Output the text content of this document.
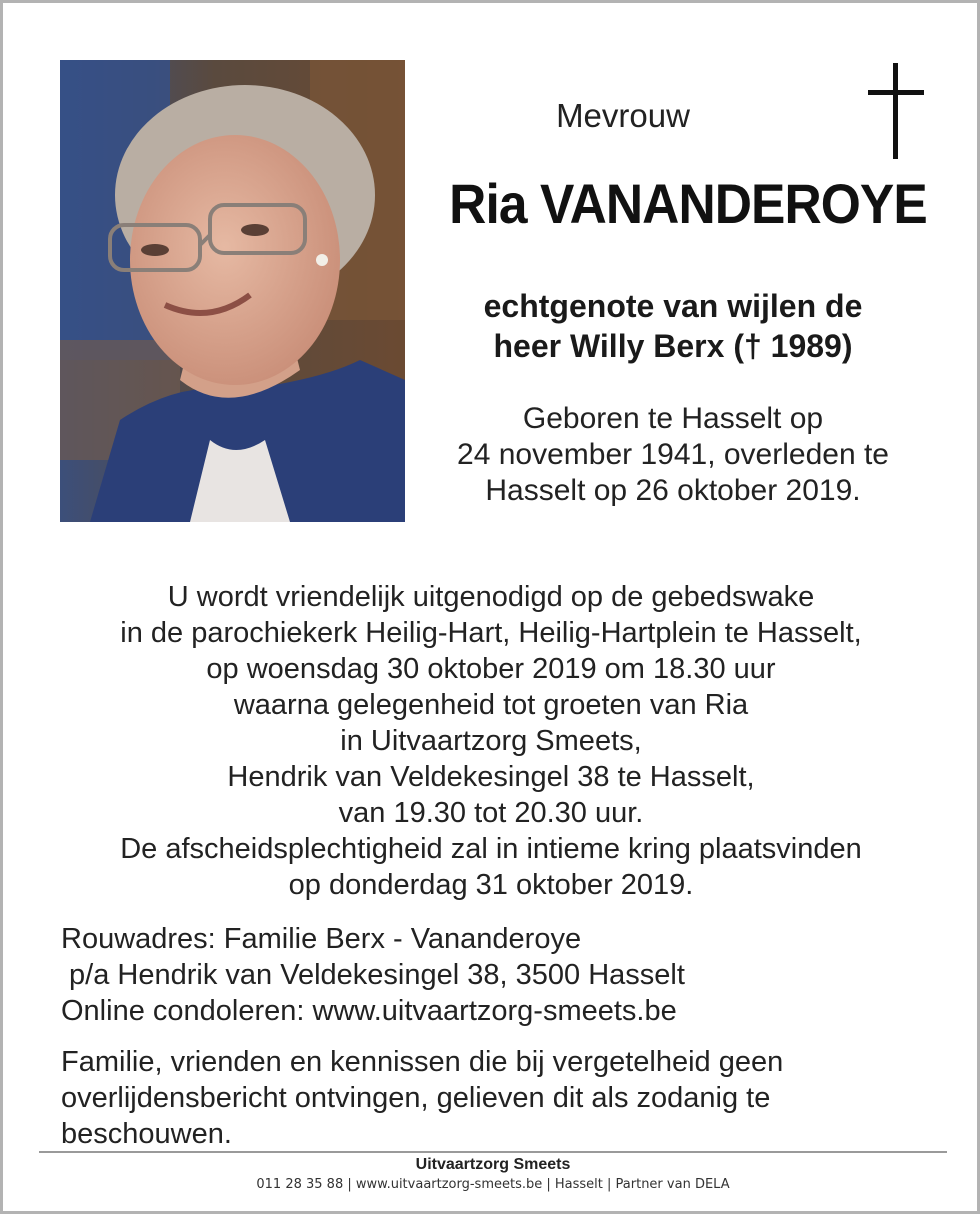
Mevrouw
Ria VANANDEROYE
echtgenote van wijlen de
heer Willy Berx († 1989)
Geboren te Hasselt op
24 november 1941, overleden te
Hasselt op 26 oktober 2019.
U wordt vriendelijk uitgenodigd op de gebedswake
in de parochiekerk Heilig-Hart, Heilig-Hartplein te Hasselt,
op woensdag 30 oktober 2019 om 18.30 uur
waarna gelegenheid tot groeten van Ria
in Uitvaartzorg Smeets,
Hendrik van Veldekesingel 38 te Hasselt,
van 19.30 tot 20.30 uur.
De afscheidsplechtigheid zal in intieme kring plaatsvinden
op donderdag 31 oktober 2019.
Rouwadres: Familie Berx - Vananderoye
p/a Hendrik van Veldekesingel 38, 3500 Hasselt
Online condoleren: www.uitvaartzorg-smeets.be
Familie, vrienden en kennissen die bij vergetelheid geen overlijdensbericht ontvingen, gelieven dit als zodanig te beschouwen.
Uitvaartzorg Smeets
011 28 35 88 | www.uitvaartzorg-smeets.be | Hasselt | Partner van DELA
